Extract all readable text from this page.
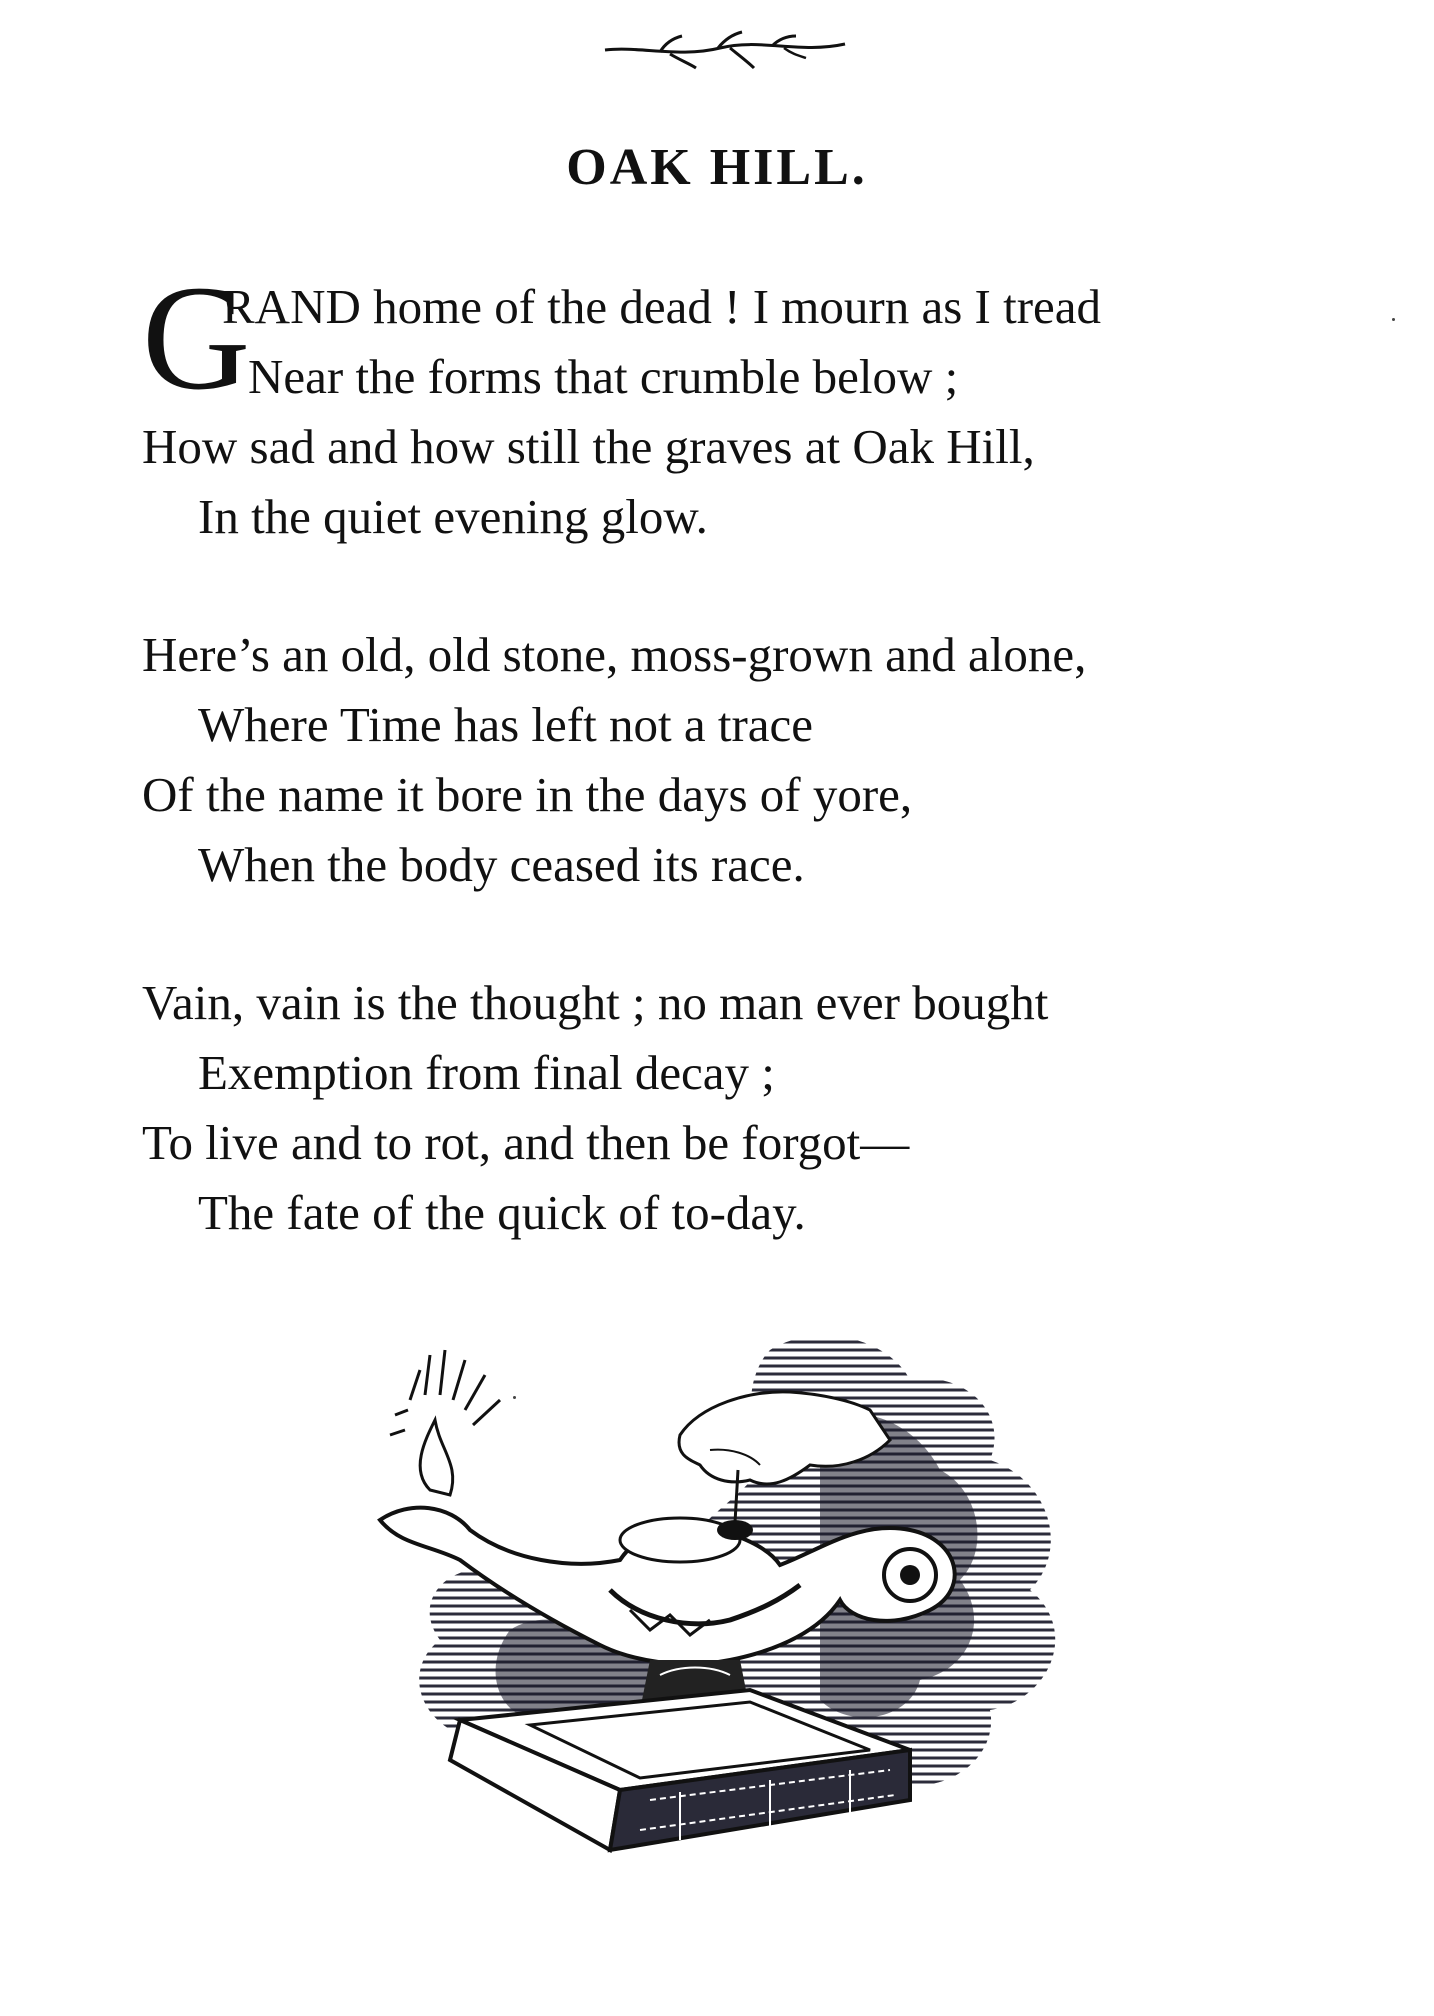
OAK HILL.
G
RAND home of the dead ! I mourn as I tread
Near the forms that crumble below ;
How sad and how still the graves at Oak Hill,
In the quiet evening glow.
Here’s an old, old stone, moss-grown and alone,
Where Time has left not a trace
Of the name it bore in the days of yore,
When the body ceased its race.
Vain, vain is the thought ; no man ever bought
Exemption from final decay ;
To live and to rot, and then be forgot—
The fate of the quick of to-day.
